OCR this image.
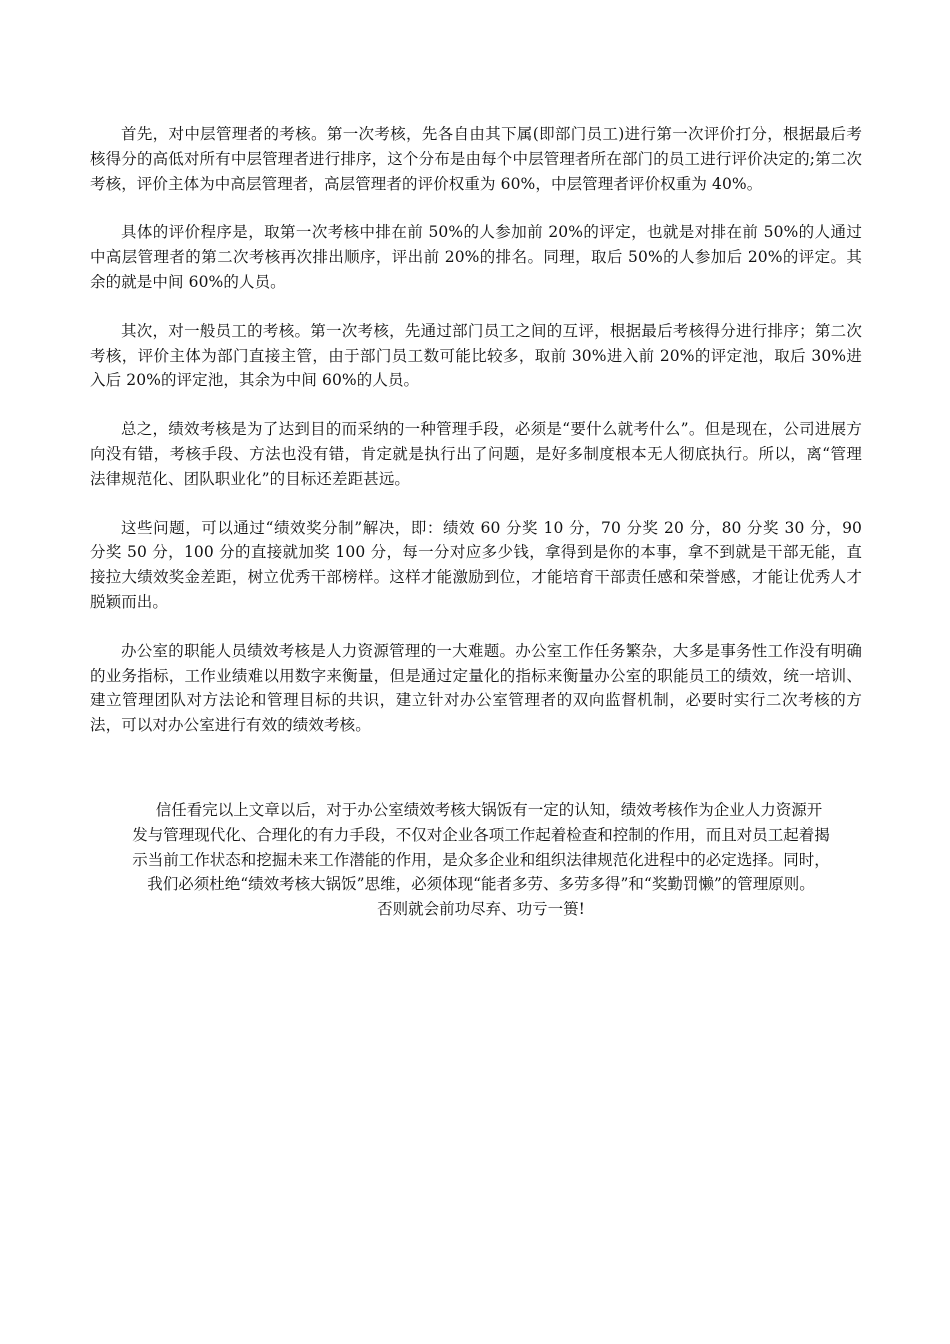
首先，对中层管理者的考核。第一次考核，先各自由其下属(即部门员工)进行第一次评价打分，根据最后考核得分的高低对所有中层管理者进行排序，这个分布是由每个中层管理者所在部门的员工进行评价决定的;第二次考核，评价主体为中高层管理者，高层管理者的评价权重为 60%，中层管理者评价权重为 40%。

具体的评价程序是，取第一次考核中排在前 50%的人参加前 20%的评定，也就是对排在前 50%的人通过中高层管理者的第二次考核再次排出顺序，评出前 20%的排名。同理，取后 50%的人参加后 20%的评定。其余的就是中间 60%的人员。

其次，对一般员工的考核。第一次考核，先通过部门员工之间的互评，根据最后考核得分进行排序；第二次考核，评价主体为部门直接主管，由于部门员工数可能比较多，取前 30%进入前 20%的评定池，取后 30%进入后 20%的评定池，其余为中间 60%的人员。

总之，绩效考核是为了达到目的而采纳的一种管理手段，必须是“要什么就考什么”。但是现在，公司进展方向没有错，考核手段、方法也没有错，肯定就是执行出了问题，是好多制度根本无人彻底执行。所以，离“管理法律规范化、团队职业化”的目标还差距甚远。

这些问题，可以通过“绩效奖分制”解决，即：绩效 60 分奖 10 分，70 分奖 20 分，80 分奖 30 分，90 分奖 50 分，100 分的直接就加奖 100 分，每一分对应多少钱，拿得到是你的本事，拿不到就是干部无能，直接拉大绩效奖金差距，树立优秀干部榜样。这样才能激励到位，才能培育干部责任感和荣誉感，才能让优秀人才脱颖而出。

办公室的职能人员绩效考核是人力资源管理的一大难题。办公室工作任务繁杂，大多是事务性工作没有明确的业务指标，工作业绩难以用数字来衡量，但是通过定量化的指标来衡量办公室的职能员工的绩效，统一培训、建立管理团队对方法论和管理目标的共识，建立针对办公室管理者的双向监督机制，必要时实行二次考核的方法，可以对办公室进行有效的绩效考核。

信任看完以上文章以后，对于办公室绩效考核大锅饭有一定的认知，绩效考核作为企业人力资源开
发与管理现代化、合理化的有力手段，不仅对企业各项工作起着检查和控制的作用，而且对员工起着揭
示当前工作状态和挖掘未来工作潜能的作用，是众多企业和组织法律规范化进程中的必定选择。同时，
我们必须杜绝“绩效考核大锅饭”思维，必须体现“能者多劳、多劳多得”和“奖勤罚懒”的管理原则。
否则就会前功尽弃、功亏一篑!
